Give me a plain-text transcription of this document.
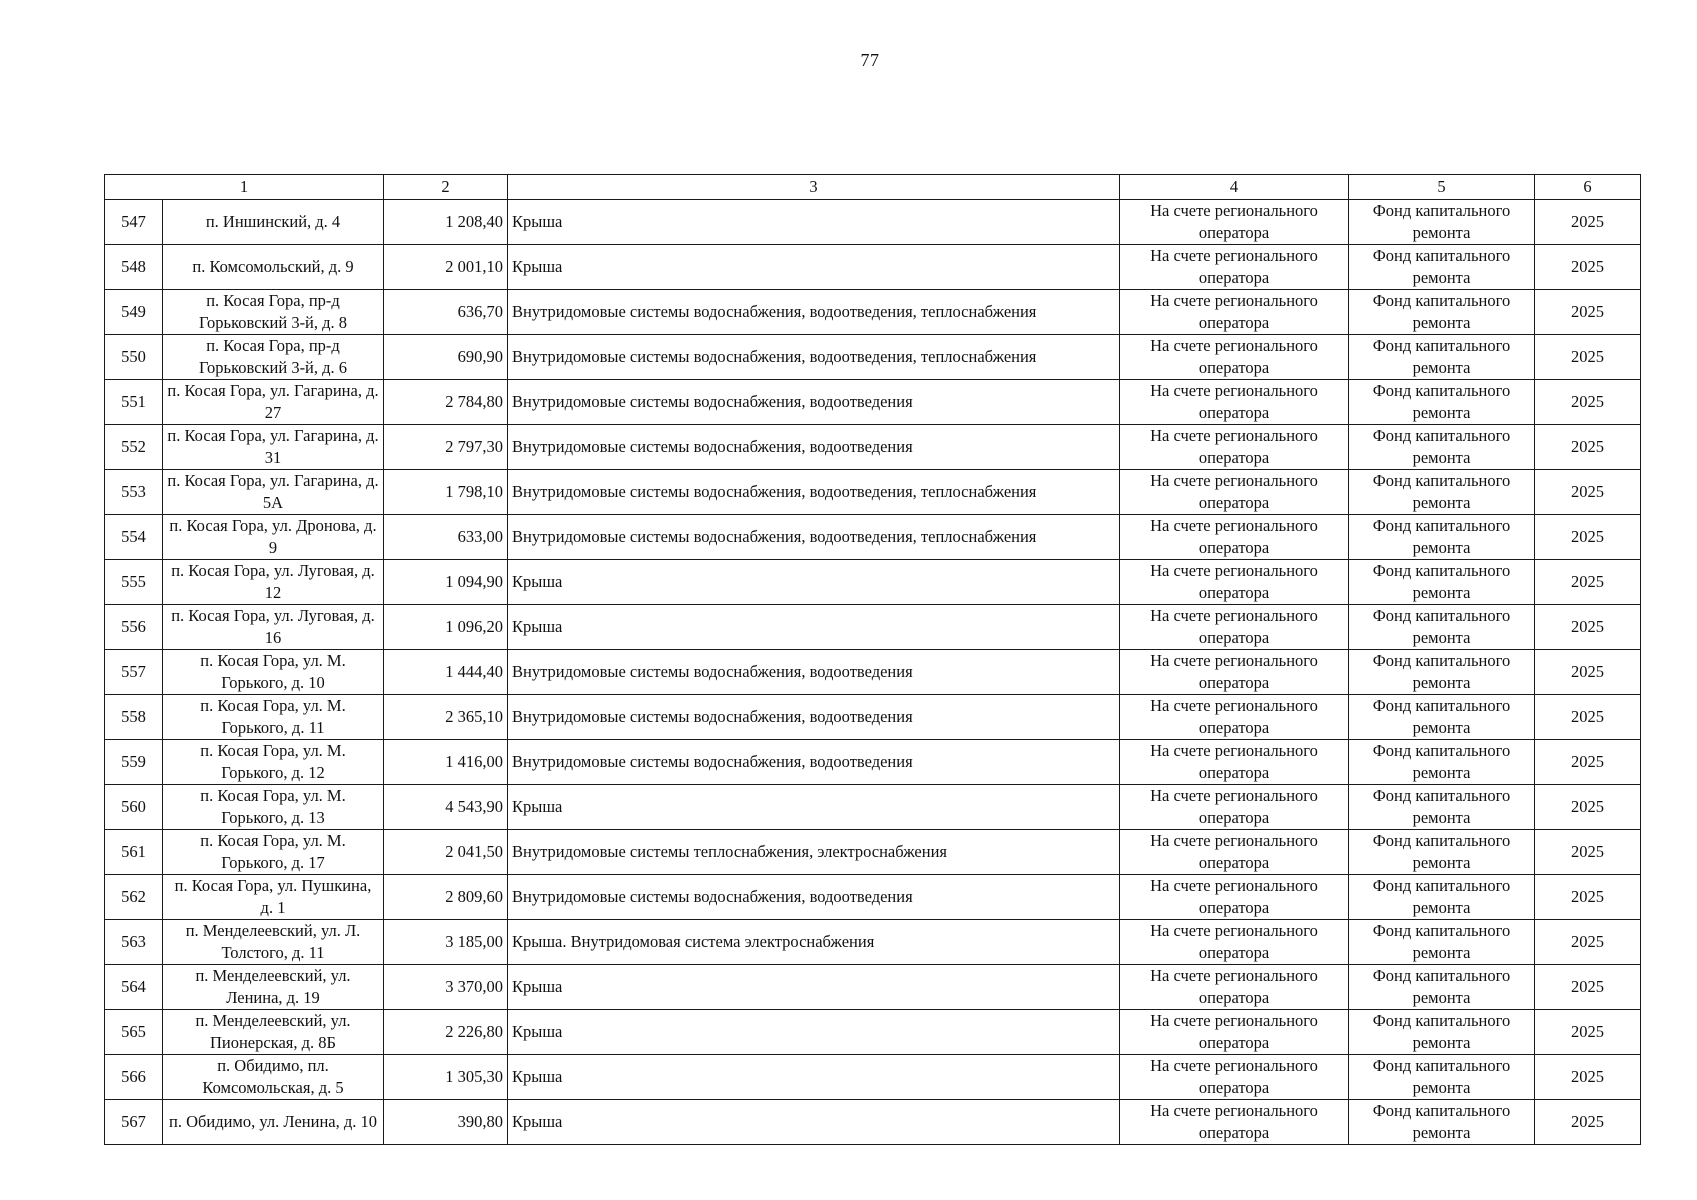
77
1		2	3	4	5	6
547	п. Иншинский, д. 4	1 208,40	Крыша	На счете регионального оператора	Фонд капитального ремонта	2025
548	п. Комсомольский, д. 9	2 001,10	Крыша	На счете регионального оператора	Фонд капитального ремонта	2025
549	п. Косая Гора, пр-д Горьковский 3-й, д. 8	636,70	Внутридомовые системы водоснабжения, водоотведения, теплоснабжения	На счете регионального оператора	Фонд капитального ремонта	2025
550	п. Косая Гора, пр-д Горьковский 3-й, д. 6	690,90	Внутридомовые системы водоснабжения, водоотведения, теплоснабжения	На счете регионального оператора	Фонд капитального ремонта	2025
551	п. Косая Гора, ул. Гагарина, д. 27	2 784,80	Внутридомовые системы водоснабжения, водоотведения	На счете регионального оператора	Фонд капитального ремонта	2025
552	п. Косая Гора, ул. Гагарина, д. 31	2 797,30	Внутридомовые системы водоснабжения, водоотведения	На счете регионального оператора	Фонд капитального ремонта	2025
553	п. Косая Гора, ул. Гагарина, д. 5А	1 798,10	Внутридомовые системы водоснабжения, водоотведения, теплоснабжения	На счете регионального оператора	Фонд капитального ремонта	2025
554	п. Косая Гора, ул. Дронова, д. 9	633,00	Внутридомовые системы водоснабжения, водоотведения, теплоснабжения	На счете регионального оператора	Фонд капитального ремонта	2025
555	п. Косая Гора, ул. Луговая, д. 12	1 094,90	Крыша	На счете регионального оператора	Фонд капитального ремонта	2025
556	п. Косая Гора, ул. Луговая, д. 16	1 096,20	Крыша	На счете регионального оператора	Фонд капитального ремонта	2025
557	п. Косая Гора, ул. М. Горького, д. 10	1 444,40	Внутридомовые системы водоснабжения, водоотведения	На счете регионального оператора	Фонд капитального ремонта	2025
558	п. Косая Гора, ул. М. Горького, д. 11	2 365,10	Внутридомовые системы водоснабжения, водоотведения	На счете регионального оператора	Фонд капитального ремонта	2025
559	п. Косая Гора, ул. М. Горького, д. 12	1 416,00	Внутридомовые системы водоснабжения, водоотведения	На счете регионального оператора	Фонд капитального ремонта	2025
560	п. Косая Гора, ул. М. Горького, д. 13	4 543,90	Крыша	На счете регионального оператора	Фонд капитального ремонта	2025
561	п. Косая Гора, ул. М. Горького, д. 17	2 041,50	Внутридомовые системы теплоснабжения, электроснабжения	На счете регионального оператора	Фонд капитального ремонта	2025
562	п. Косая Гора, ул. Пушкина, д. 1	2 809,60	Внутридомовые системы водоснабжения, водоотведения	На счете регионального оператора	Фонд капитального ремонта	2025
563	п. Менделеевский, ул. Л. Толстого, д. 11	3 185,00	Крыша. Внутридомовая система электроснабжения	На счете регионального оператора	Фонд капитального ремонта	2025
564	п. Менделеевский, ул. Ленина, д. 19	3 370,00	Крыша	На счете регионального оператора	Фонд капитального ремонта	2025
565	п. Менделеевский, ул. Пионерская, д. 8Б	2 226,80	Крыша	На счете регионального оператора	Фонд капитального ремонта	2025
566	п. Обидимо, пл. Комсомольская, д. 5	1 305,30	Крыша	На счете регионального оператора	Фонд капитального ремонта	2025
567	п. Обидимо, ул. Ленина, д. 10	390,80	Крыша	На счете регионального оператора	Фонд капитального ремонта	2025
